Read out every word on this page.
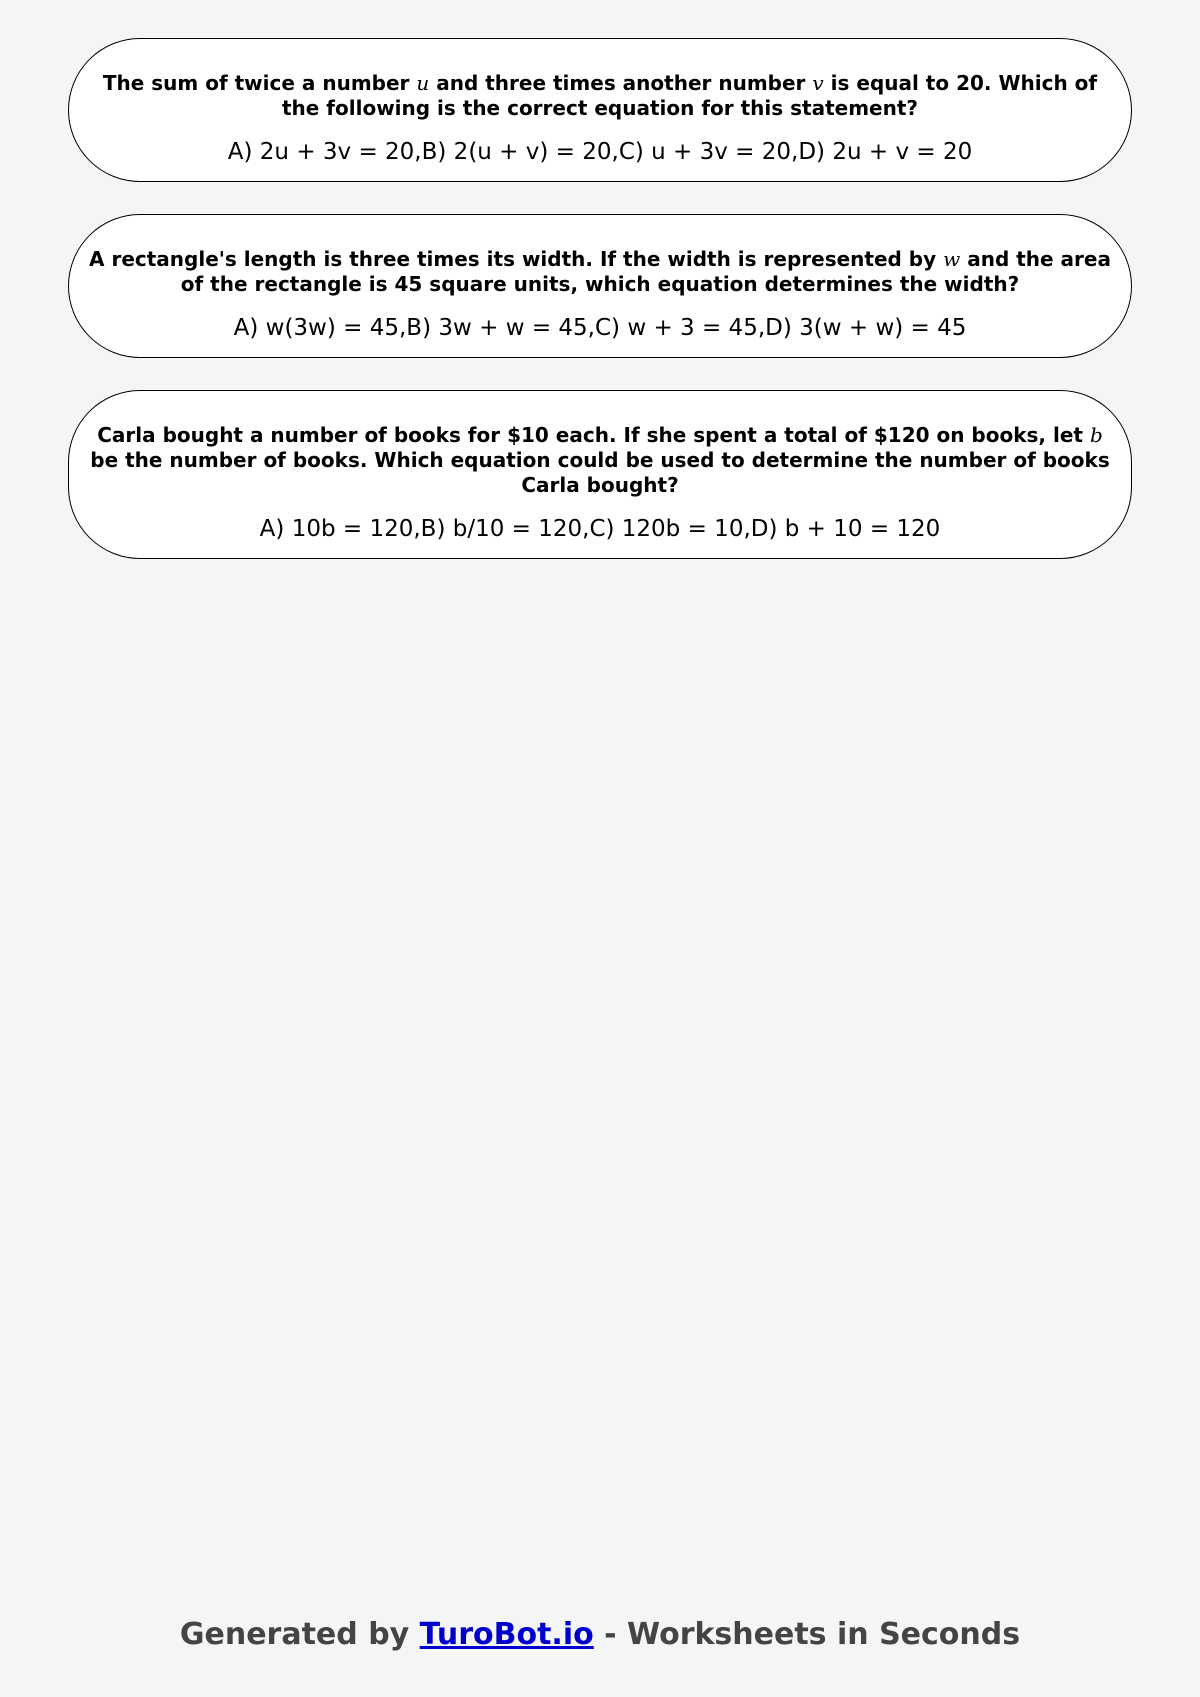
The sum of twice a number u and three times another number v is equal to 20. Which of the following is the correct equation for this statement?
A) 2u + 3v = 20,B) 2(u + v) = 20,C) u + 3v = 20,D) 2u + v = 20
A rectangle's length is three times its width. If the width is represented by w and the area of the rectangle is 45 square units, which equation determines the width?
A) w(3w) = 45,B) 3w + w = 45,C) w + 3 = 45,D) 3(w + w) = 45
Carla bought a number of books for $10 each. If she spent a total of $120 on books, let b be the number of books. Which equation could be used to determine the number of books Carla bought?
A) 10b = 120,B) b/10 = 120,C) 120b = 10,D) b + 10 = 120
Generated by TuroBot.io - Worksheets in Seconds
